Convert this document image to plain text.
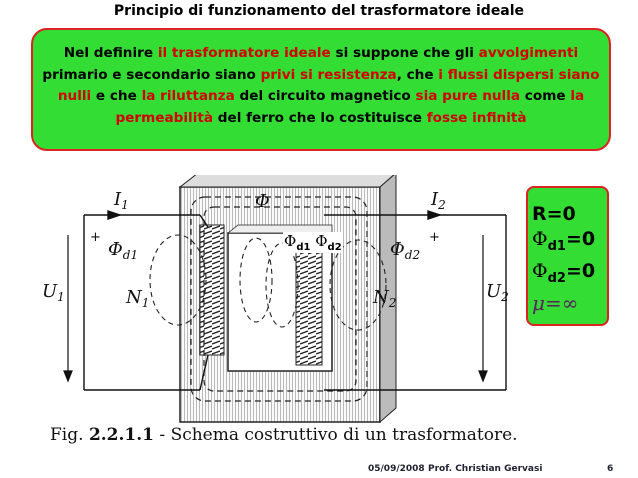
Principio di funzionamento del trasformatore ideale
Nel definire il trasformatore ideale si suppone che gli avvolgimenti primario e secondario siano privi si resistenza, che i flussi dispersi siano nulli e che la riluttanza del circuito magnetico sia pure nulla come la permeabilità del ferro che lo costituisce fosse infinità
$I_1$	$I_2$
Φ
$\Phi_{d1}$	$\Phi_{d2}$
$U_1$	$U_2$
$N_1$	$N_2$
+	+
$\Phi_{d1}$ $\Phi_{d2}$
Fig. 2.2.1.1 - Schema costruttivo di un trasformatore.
R=0
$\Phi_{d1}=0$
$\Phi_{d2}=0$
μ=∞
05/09/2008 Prof. Christian Gervasi	6
